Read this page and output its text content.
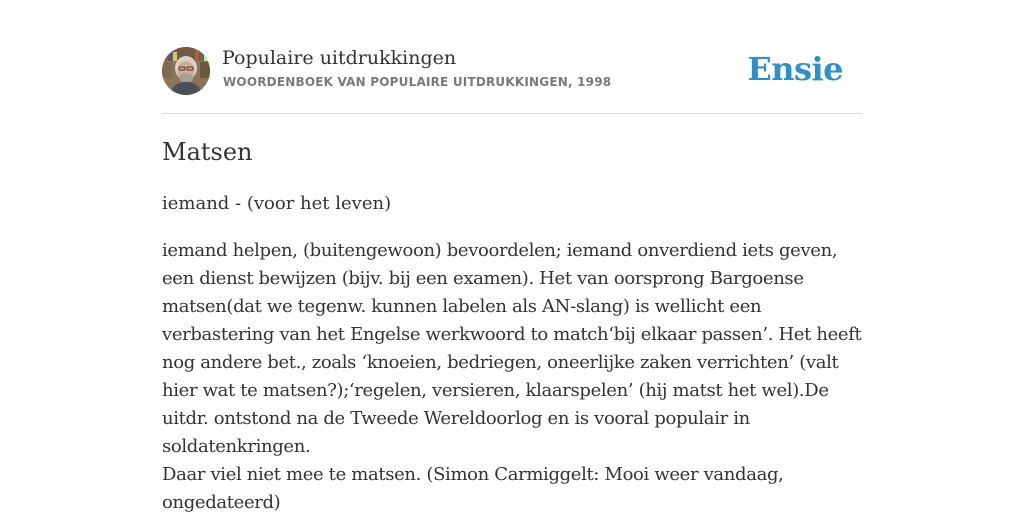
Populaire uitdrukkingen
WOORDENBOEK VAN POPULAIRE UITDRUKKINGEN, 1998	Ensie
Matsen

iemand - (voor het leven)

iemand helpen, (buitengewoon) bevoordelen; iemand onverdiend iets geven, een dienst bewijzen (bijv. bij een examen). Het van oorsprong Bargoense matsen(dat we tegenw. kunnen labelen als AN-slang) is wellicht een verbastering van het Engelse werkwoord to match‘bij elkaar passen’. Het heeft nog andere bet., zoals ‘knoeien, bedriegen, oneerlijke zaken verrichten’ (valt hier wat te matsen?);‘regelen, versieren, klaarspelen’ (hij matst het wel).De uitdr. ontstond na de Tweede Wereldoorlog en is vooral populair in soldatenkringen.

Daar viel niet mee te matsen. (Simon Carmiggelt: Mooi weer vandaag, ongedateerd)
